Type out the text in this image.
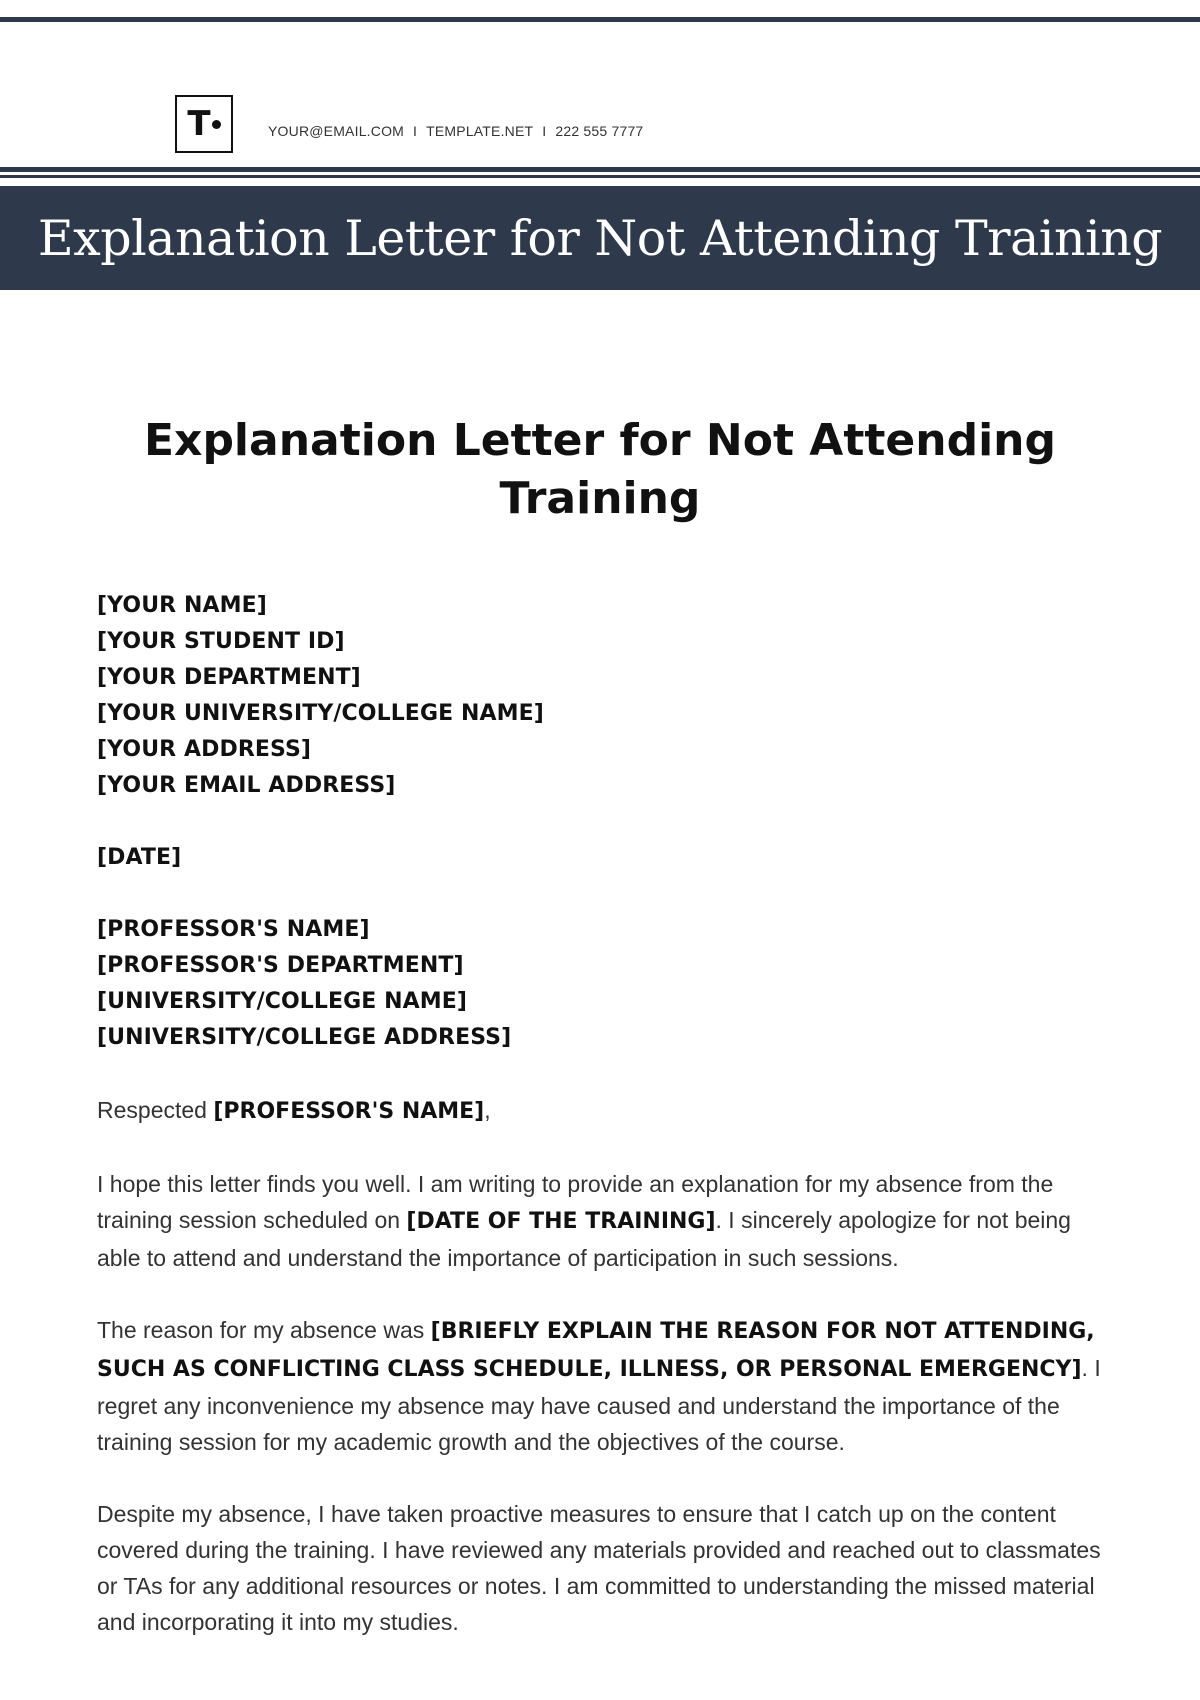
T	YOUR@EMAIL.COM I TEMPLATE.NET I 222 555 7777
Explanation Letter for Not Attending Training
Explanation Letter for Not Attending
Training
[YOUR NAME]
[YOUR STUDENT ID]
[YOUR DEPARTMENT]
[YOUR UNIVERSITY/COLLEGE NAME]
[YOUR ADDRESS]
[YOUR EMAIL ADDRESS]
[DATE]
[PROFESSOR'S NAME]
[PROFESSOR'S DEPARTMENT]
[UNIVERSITY/COLLEGE NAME]
[UNIVERSITY/COLLEGE ADDRESS]

Respected [PROFESSOR'S NAME],

I hope this letter finds you well. I am writing to provide an explanation for my absence from the training session scheduled on [DATE OF THE TRAINING]. I sincerely apologize for not being able to attend and understand the importance of participation in such sessions.

The reason for my absence was [BRIEFLY EXPLAIN THE REASON FOR NOT ATTENDING, SUCH AS CONFLICTING CLASS SCHEDULE, ILLNESS, OR PERSONAL EMERGENCY]. I regret any inconvenience my absence may have caused and understand the importance of the training session for my academic growth and the objectives of the course.

Despite my absence, I have taken proactive measures to ensure that I catch up on the content covered during the training. I have reviewed any materials provided and reached out to classmates or TAs for any additional resources or notes. I am committed to understanding the missed material and incorporating it into my studies.
